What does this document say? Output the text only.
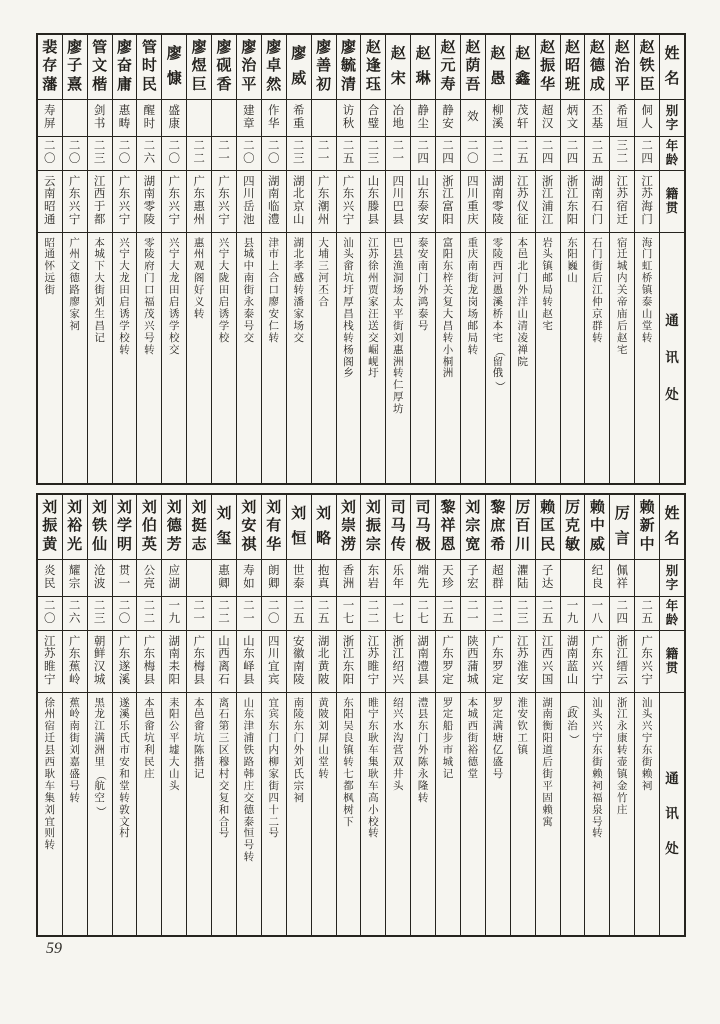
姓
名
别
字
年
龄
籍
贯
通
讯
处
赵
铁
臣
侗
人
二
四
江
苏
海
门
海
门
虹
桥
镇
泰
山
堂
转
赵
治
平
希
垣
三
二
江
苏
宿
迁
宿
迁
城
内
关
帝
庙
后
赵
宅
赵
德
成
丕
基
二
五
湖
南
石
门
石
门
街
后
江
仲
京
群
转
赵
昭
班
炳
文
二
四
浙
江
东
阳
东
阳
巍
山
赵
振
华
超
汉
二
四
浙
江
浦
江
岩
头
镇
邮
局
转
赵
宅
赵
鑫
茂
轩
二
五
江
苏
仪
征
本
邑
北
门
外
洋
山
清
凌
禅
院
赵
愚
柳
溪
二
二
湖
南
零
陵
零
陵
西
河
愚
溪
桥
本
宅
（
留
俄
）
赵
荫
吾
效
二
〇
四
川
重
庆
重
庆
南
街
龙
岗
场
邮
局
转
赵
元
寿
静
安
二
四
浙
江
富
阳
富
阳
东
梓
关
复
大
昌
转
小
桐
洲
赵
琳
静
尘
二
四
山
东
泰
安
泰
安
南
门
外
鸿
泰
号
赵
宋
冶
地
二
一
四
川
巴
县
巴
县
渔
洞
场
太
平
街
刘
惠
洲
转
仁
厚
坊
赵
逢
珏
合
璧
二
三
山
东
滕
县
江
苏
徐
州
贾
家
汪
送
交
崛
岘
圩
廖
毓
清
访
秋
二
五
广
东
兴
宁
汕
头
畲
坑
圩
厚
昌
栈
转
杨
阁
乡
廖
善
初
二
一
广
东
潮
州
大
埔
三
河
丕
合
廖
威
希
重
二
三
湖
北
京
山
湖
北
孝
感
转
潘
家
场
交
廖
卓
然
作
华
二
〇
湖
南
临
澧
津
市
上
合
口
廖
安
仁
转
廖
治
平
建
章
二
〇
四
川
岳
池
县
城
中
南
街
永
泰
号
交
廖
砚
香
二
一
广
东
兴
宁
兴
宁
大
陇
田
启
诱
学
校
廖
煜
巨
二
二
广
东
惠
州
惠
州
观
阁
好
义
转
廖
慷
盛
康
二
〇
广
东
兴
宁
兴
宁
大
龙
田
启
诱
学
校
交
管
时
民
醒
时
二
六
湖
南
零
陵
零
陵
府
门
口
福
茂
兴
号
转
廖
奋
庸
惠
畴
二
〇
广
东
兴
宁
兴
宁
大
龙
田
启
诱
学
校
转
管
文
楷
剑
书
二
三
江
西
于
都
本
城
下
大
街
刘
生
昌
记
廖
子
熹
二
〇
广
东
兴
宁
广
州
文
德
路
廖
家
祠
裴
存
藩
寿
屏
二
〇
云
南
昭
通
昭
通
怀
远
街
姓
名
别
字
年
龄
籍
贯
通
讯
处
赖
新
中
二
五
广
东
兴
宁
汕
头
兴
宁
东
街
赖
祠
厉
言
佩
祥
二
四
浙
江
缙
云
浙
江
永
康
转
壶
镇
金
竹
庄
赖
中
威
纪
良
一
八
广
东
兴
宁
汕
头
兴
宁
东
街
赖
祠
福
泉
号
转
厉
克
敏
一
九
湖
南
蓝
山
（
政
治
）
赖
匡
民
子
达
二
五
江
西
兴
国
湖
南
衡
阳
道
后
街
平
固
赖
寓
厉
百
川
灈
陆
二
三
江
苏
淮
安
淮
安
钦
工
镇
黎
庶
希
超
群
二
二
广
东
罗
定
罗
定
满
塘
亿
盛
号
刘
宗
宽
子
宏
二
一
陕
西
蒲
城
本
城
西
街
裕
德
堂
黎
祥
恩
天
珍
二
五
广
东
罗
定
罗
定
船
步
市
城
记
司
马
极
端
先
二
七
湖
南
澧
县
澧
县
东
门
外
陈
永
隆
转
司
马
传
乐
年
一
七
浙
江
绍
兴
绍
兴
水
沟
营
双
井
头
刘
振
宗
东
岩
二
二
江
苏
睢
宁
睢
宁
东
耿
车
集
耿
车
高
小
校
转
刘
崇
涝
香
洲
一
七
浙
江
东
阳
东
阳
吴
良
镇
转
七
都
枫
树
下
刘
略
抱
真
二
五
湖
北
黄
陂
黄
陂
刘
屏
山
堂
转
刘
恒
世
泰
二
五
安
徽
南
陵
南
陵
东
门
外
刘
氏
宗
祠
刘
有
华
朗
卿
二
〇
四
川
宜
宾
宜
宾
东
门
内
柳
家
街
四
十
二
号
刘
安
祺
寿
如
二
一
山
东
峄
县
山
东
津
浦
铁
路
韩
庄
交
德
泰
恒
号
转
刘
玺
惠
卿
二
二
山
西
离
石
离
石
第
三
区
穆
村
交
复
和
合
号
刘
挺
志
二
一
广
东
梅
县
本
邑
畲
坑
陈
揩
记
刘
德
芳
应
湖
一
九
湖
南
耒
阳
耒
阳
公
平
墟
大
山
头
刘
伯
英
公
亮
二
二
广
东
梅
县
本
邑
畲
坑
利
民
庄
刘
学
明
贯
一
二
〇
广
东
遂
溪
遂
溪
乐
氏
市
安
和
堂
转
敦
文
村
刘
铁
仙
沧
波
二
三
朝
鲜
汉
城
黑
龙
江
满
洲
里
（
航
空
）
刘
裕
光
耀
宗
二
六
广
东
蕉
岭
蕉
岭
南
街
刘
嘉
盛
号
转
刘
振
黄
炎
民
二
〇
江
苏
睢
宁
徐
州
宿
迁
县
西
耿
车
集
刘
宜
则
转
59
